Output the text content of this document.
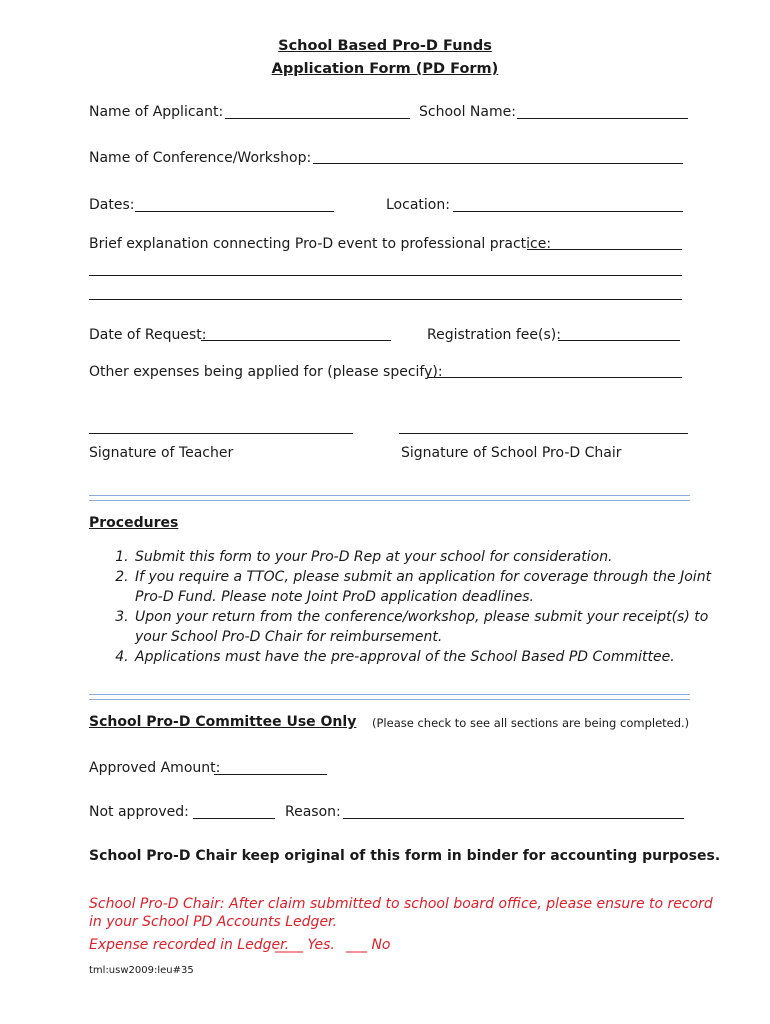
School Based Pro-D Funds
Application Form (PD Form)
Name of Applicant:	School Name:
Name of Conference/Workshop:
Dates:	Location:
Brief explanation connecting Pro-D event to professional practice:
Date of Request:	Registration fee(s):
Other expenses being applied for (please specify):
Signature of Teacher	Signature of School Pro-D Chair
Procedures
1. Submit this form to your Pro-D Rep at your school for consideration.
2. If you require a TTOC, please submit an application for coverage through the Joint Pro-D Fund. Please note Joint ProD application deadlines.
3. Upon your return from the conference/workshop, please submit your receipt(s) to your School Pro-D Chair for reimbursement.
4. Applications must have the pre-approval of the School Based PD Committee.
School Pro-D Committee Use Only (Please check to see all sections are being completed.)
Approved Amount:
Not approved:	Reason:
School Pro-D Chair keep original of this form in binder for accounting purposes.
School Pro-D Chair: After claim submitted to school board office, please ensure to record in your School PD Accounts Ledger.
Expense recorded in Ledger.
____ Yes. ___ No
tml:usw2009:leu#35
